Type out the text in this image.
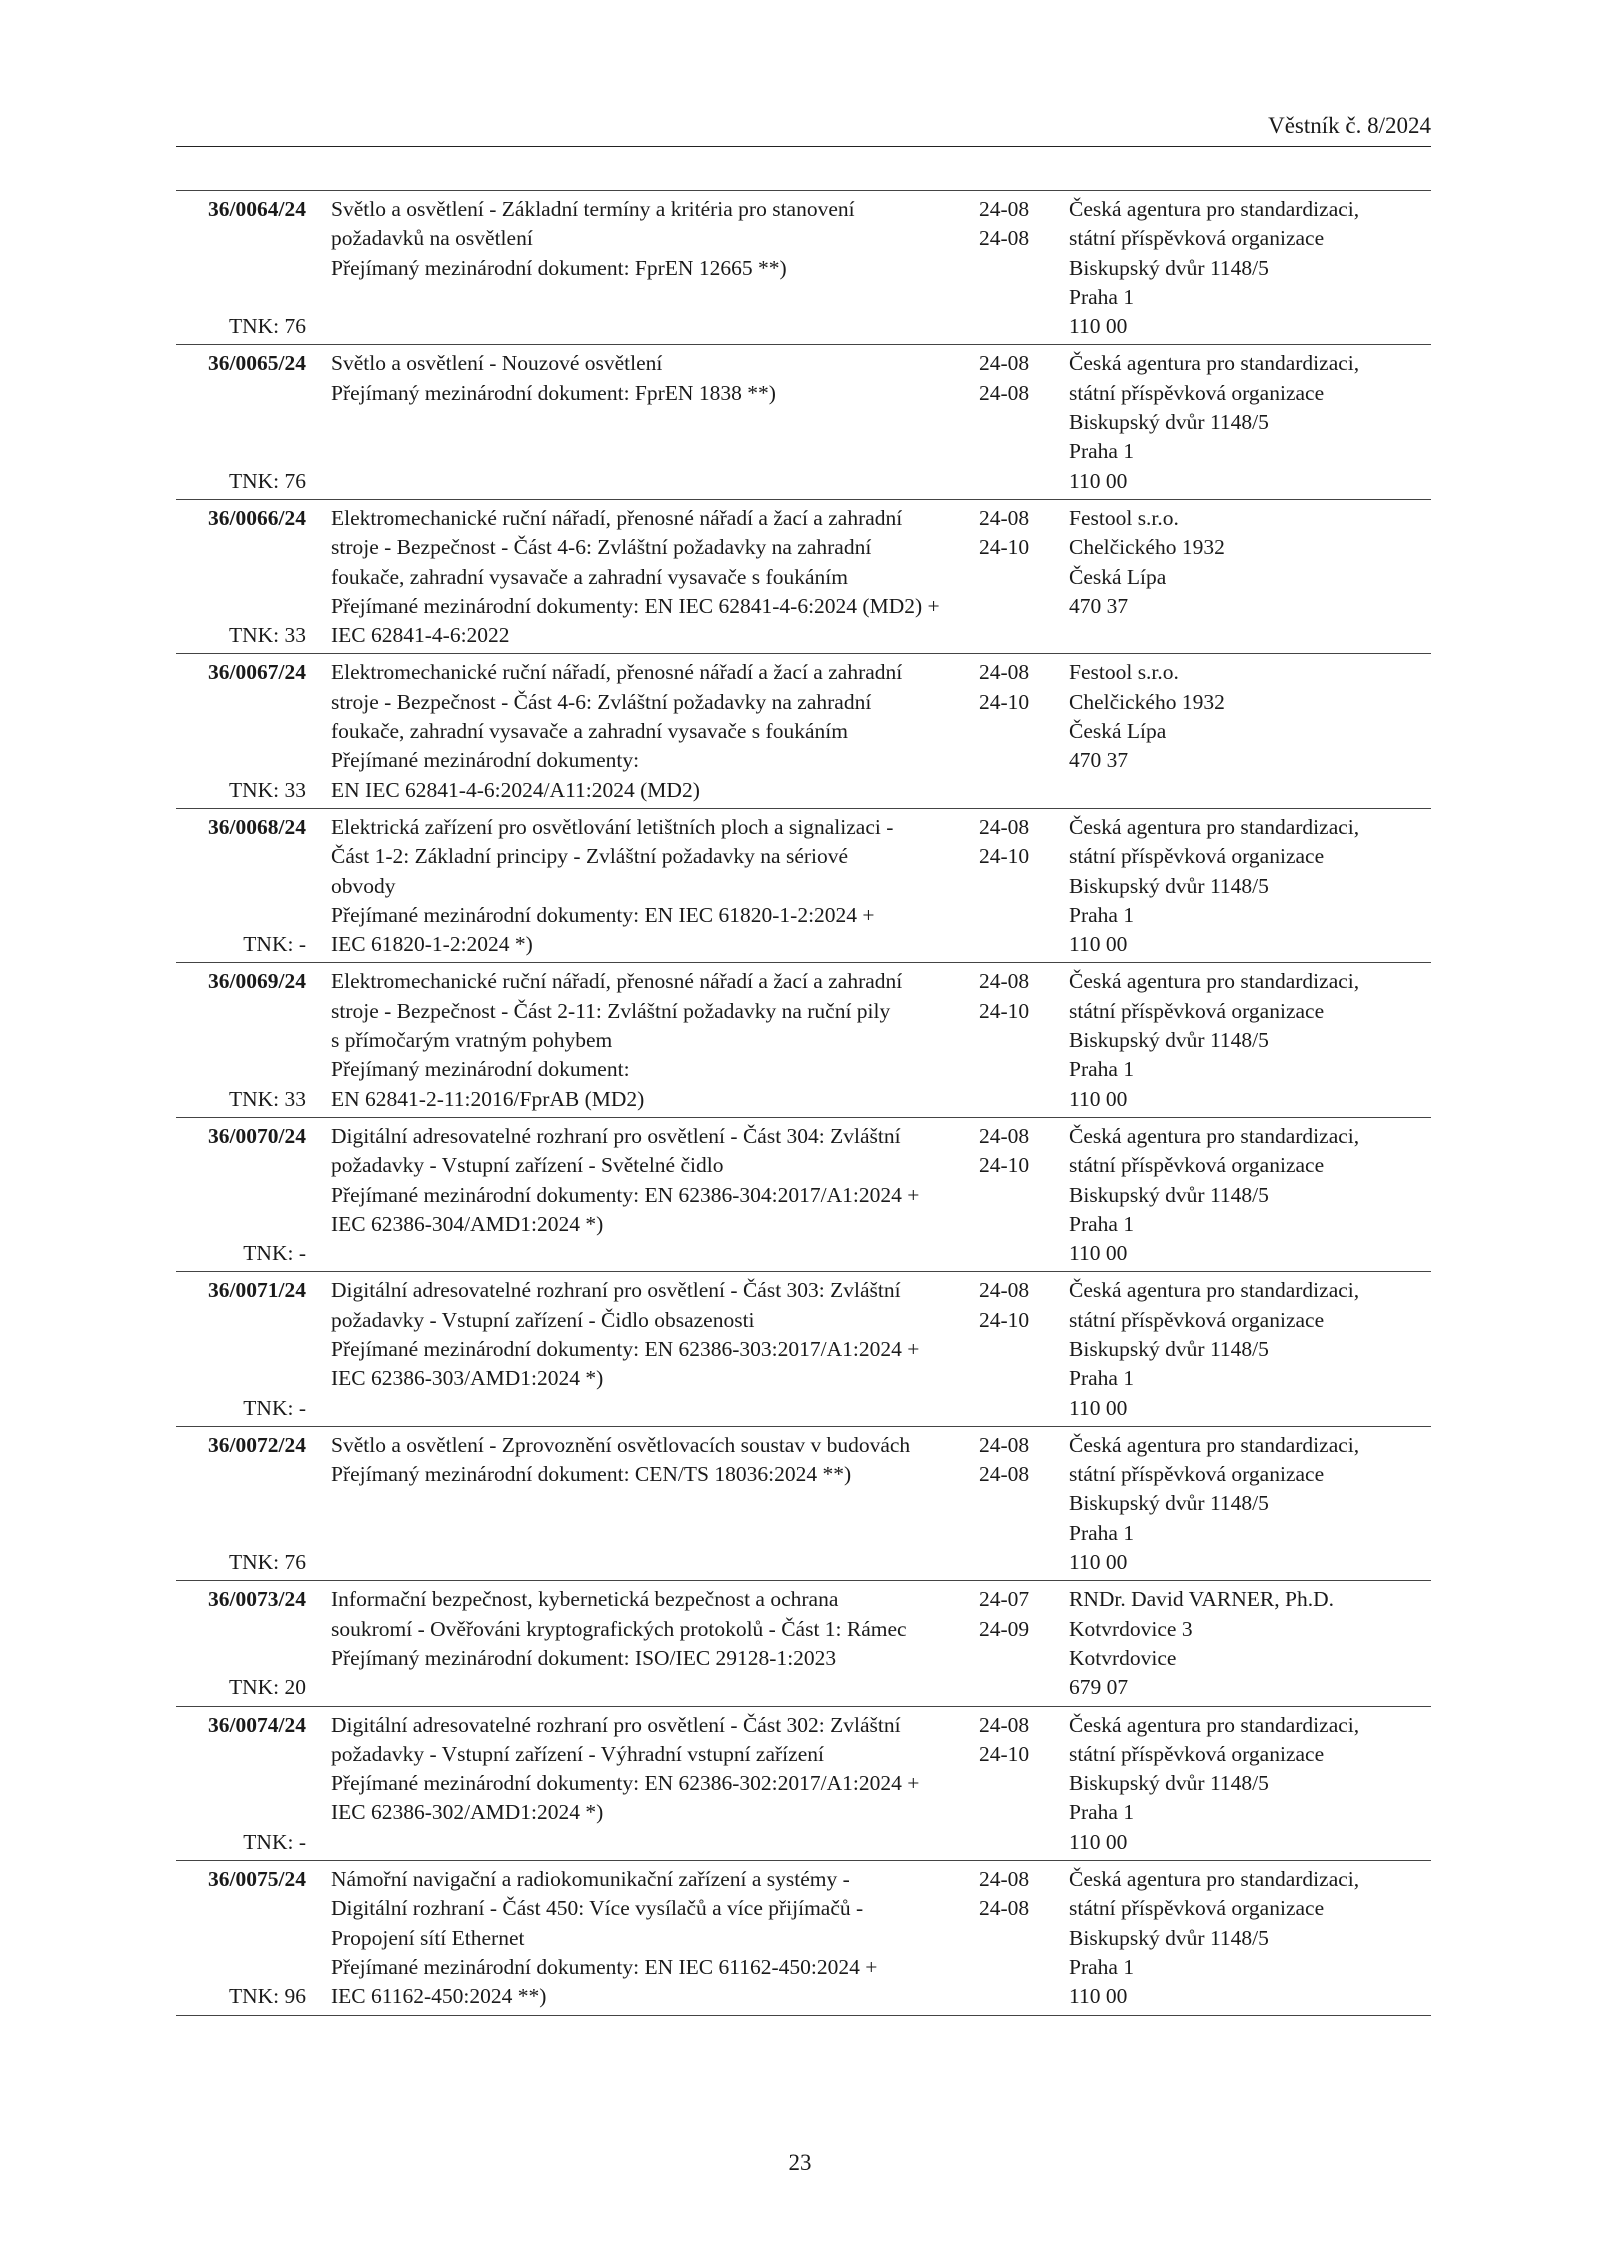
Věstník č. 8/2024
36/0064/24
TNK: 76
Světlo a osvětlení - Základní termíny a kritéria pro stanovení
požadavků na osvětlení
Přejímaný mezinárodní dokument: FprEN 12665 **)
24-08
24-08
Česká agentura pro standardizaci,
státní příspěvková organizace
Biskupský dvůr 1148/5
Praha 1
110 00
36/0065/24
TNK: 76
Světlo a osvětlení - Nouzové osvětlení
Přejímaný mezinárodní dokument: FprEN 1838 **)
24-08
24-08
Česká agentura pro standardizaci,
státní příspěvková organizace
Biskupský dvůr 1148/5
Praha 1
110 00
36/0066/24
TNK: 33
Elektromechanické ruční nářadí, přenosné nářadí a žací a zahradní
stroje - Bezpečnost - Část 4-6: Zvláštní požadavky na zahradní
foukače, zahradní vysavače a zahradní vysavače s foukáním
Přejímané mezinárodní dokumenty: EN IEC 62841-4-6:2024 (MD2) +
IEC 62841-4-6:2022
24-08
24-10
Festool s.r.o.
Chelčického 1932
Česká Lípa
470 37
36/0067/24
TNK: 33
Elektromechanické ruční nářadí, přenosné nářadí a žací a zahradní
stroje - Bezpečnost - Část 4-6: Zvláštní požadavky na zahradní
foukače, zahradní vysavače a zahradní vysavače s foukáním
Přejímané mezinárodní dokumenty:
EN IEC 62841-4-6:2024/A11:2024 (MD2)
24-08
24-10
Festool s.r.o.
Chelčického 1932
Česká Lípa
470 37
36/0068/24
TNK: -
Elektrická zařízení pro osvětlování letištních ploch a signalizaci -
Část 1-2: Základní principy - Zvláštní požadavky na sériové
obvody
Přejímané mezinárodní dokumenty: EN IEC 61820-1-2:2024 +
IEC 61820-1-2:2024 *)
24-08
24-10
Česká agentura pro standardizaci,
státní příspěvková organizace
Biskupský dvůr 1148/5
Praha 1
110 00
36/0069/24
TNK: 33
Elektromechanické ruční nářadí, přenosné nářadí a žací a zahradní
stroje - Bezpečnost - Část 2-11: Zvláštní požadavky na ruční pily
s přímočarým vratným pohybem
Přejímaný mezinárodní dokument:
EN 62841-2-11:2016/FprAB (MD2)
24-08
24-10
Česká agentura pro standardizaci,
státní příspěvková organizace
Biskupský dvůr 1148/5
Praha 1
110 00
36/0070/24
TNK: -
Digitální adresovatelné rozhraní pro osvětlení - Část 304: Zvláštní
požadavky - Vstupní zařízení - Světelné čidlo
Přejímané mezinárodní dokumenty: EN 62386-304:2017/A1:2024 +
IEC 62386-304/AMD1:2024 *)
24-08
24-10
Česká agentura pro standardizaci,
státní příspěvková organizace
Biskupský dvůr 1148/5
Praha 1
110 00
36/0071/24
TNK: -
Digitální adresovatelné rozhraní pro osvětlení - Část 303: Zvláštní
požadavky - Vstupní zařízení - Čidlo obsazenosti
Přejímané mezinárodní dokumenty: EN 62386-303:2017/A1:2024 +
IEC 62386-303/AMD1:2024 *)
24-08
24-10
Česká agentura pro standardizaci,
státní příspěvková organizace
Biskupský dvůr 1148/5
Praha 1
110 00
36/0072/24
TNK: 76
Světlo a osvětlení - Zprovoznění osvětlovacích soustav v budovách
Přejímaný mezinárodní dokument: CEN/TS 18036:2024 **)
24-08
24-08
Česká agentura pro standardizaci,
státní příspěvková organizace
Biskupský dvůr 1148/5
Praha 1
110 00
36/0073/24
TNK: 20
Informační bezpečnost, kybernetická bezpečnost a ochrana
soukromí - Ověřováni kryptografických protokolů - Část 1: Rámec
Přejímaný mezinárodní dokument: ISO/IEC 29128-1:2023
24-07
24-09
RNDr. David VARNER, Ph.D.
Kotvrdovice 3
Kotvrdovice
679 07
36/0074/24
TNK: -
Digitální adresovatelné rozhraní pro osvětlení - Část 302: Zvláštní
požadavky - Vstupní zařízení - Výhradní vstupní zařízení
Přejímané mezinárodní dokumenty: EN 62386-302:2017/A1:2024 +
IEC 62386-302/AMD1:2024 *)
24-08
24-10
Česká agentura pro standardizaci,
státní příspěvková organizace
Biskupský dvůr 1148/5
Praha 1
110 00
36/0075/24
TNK: 96
Námořní navigační a radiokomunikační zařízení a systémy -
Digitální rozhraní - Část 450: Více vysílačů a více přijímačů -
Propojení sítí Ethernet
Přejímané mezinárodní dokumenty: EN IEC 61162-450:2024 +
IEC 61162-450:2024 **)
24-08
24-08
Česká agentura pro standardizaci,
státní příspěvková organizace
Biskupský dvůr 1148/5
Praha 1
110 00
23
